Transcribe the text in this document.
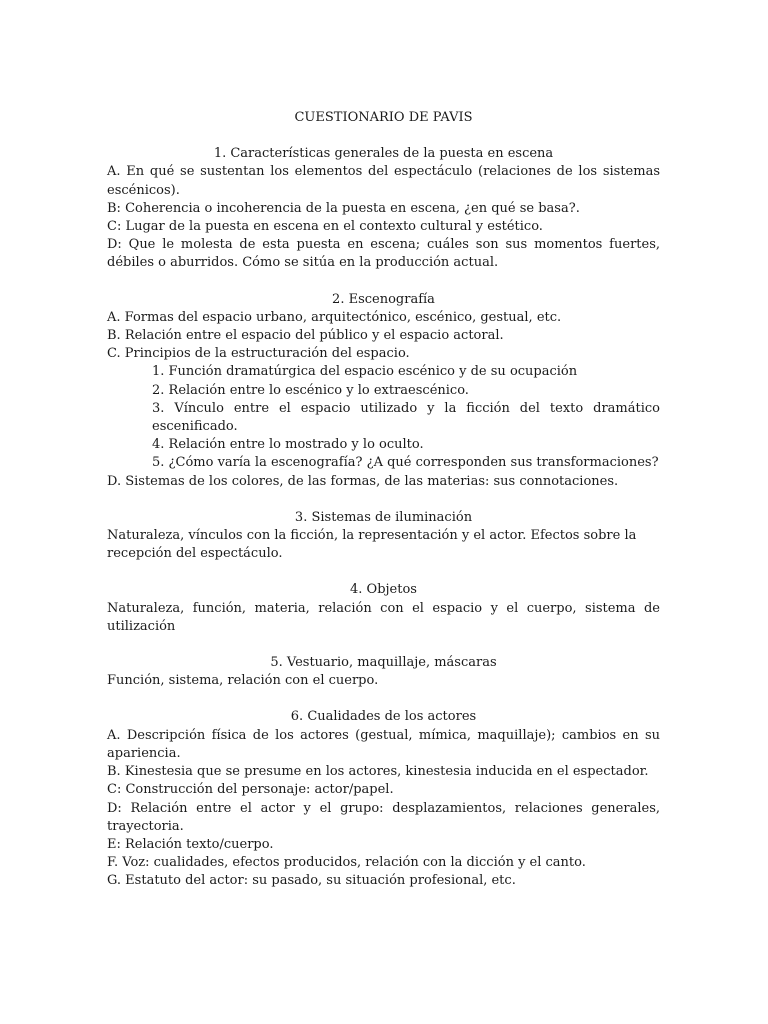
CUESTIONARIO DE PAVIS

1. Características generales de la puesta en escena

A. En qué se sustentan los elementos del espectáculo (relaciones de los sistemas escénicos).

B: Coherencia o incoherencia de la puesta en escena, ¿en qué se basa?.

C: Lugar de la puesta en escena en el contexto cultural y estético.

D: Que le molesta de esta puesta en escena; cuáles son sus momentos fuertes, débiles o aburridos. Cómo se sitúa en la producción actual.

2. Escenografía

A. Formas del espacio urbano, arquitectónico, escénico, gestual, etc.

B. Relación entre el espacio del público y el espacio actoral.

C. Principios de la estructuración del espacio.

1. Función dramatúrgica del espacio escénico y de su ocupación

2. Relación entre lo escénico y lo extraescénico.

3. Vínculo entre el espacio utilizado y la ficción del texto dramático escenificado.

4. Relación entre lo mostrado y lo oculto.

5. ¿Cómo varía la escenografía? ¿A qué corresponden sus transformaciones?

D. Sistemas de los colores, de las formas, de las materias: sus connotaciones.

3. Sistemas de iluminación

Naturaleza, vínculos con la ficción, la representación y el actor. Efectos sobre la recepción del espectáculo.

4. Objetos

Naturaleza, función, materia, relación con el espacio y el cuerpo, sistema de utilización

5. Vestuario, maquillaje, máscaras

Función, sistema, relación con el cuerpo.

6. Cualidades de los actores

A. Descripción física de los actores (gestual, mímica, maquillaje); cambios en su apariencia.

B. Kinestesia que se presume en los actores, kinestesia inducida en el espectador.

C: Construcción del personaje: actor/papel.

D: Relación entre el actor y el grupo: desplazamientos, relaciones generales, trayectoria.

E: Relación texto/cuerpo.

F. Voz: cualidades, efectos producidos, relación con la dicción y el canto.

G. Estatuto del actor: su pasado, su situación profesional, etc.
